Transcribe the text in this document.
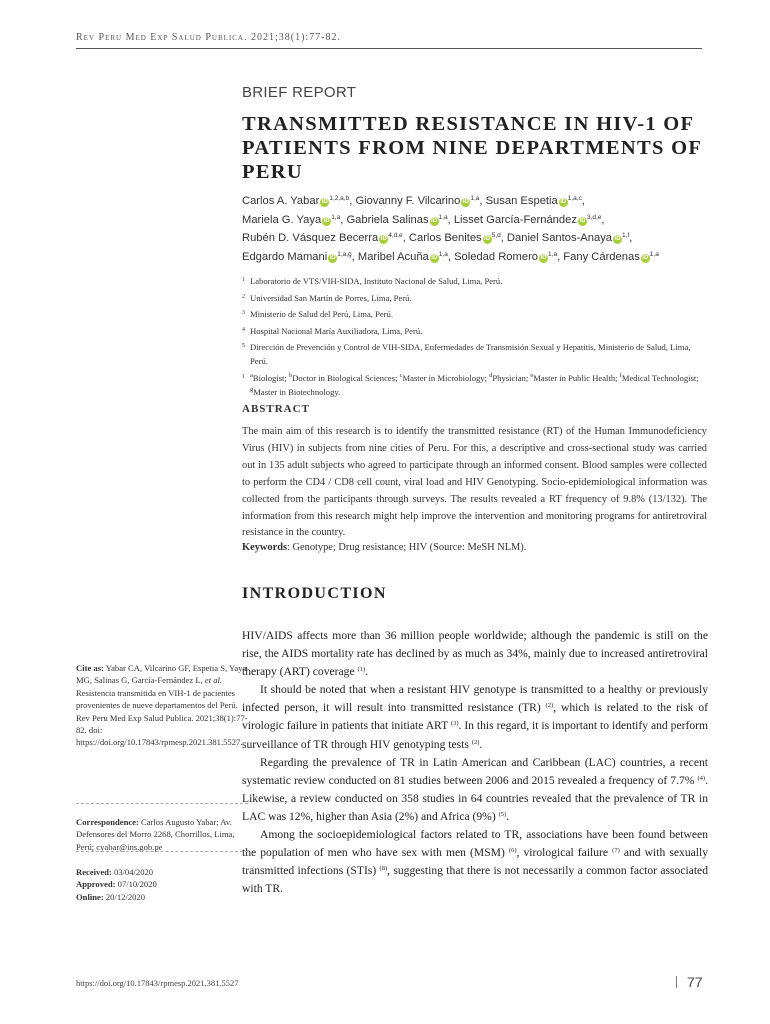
Rev Peru Med Exp Salud Publica. 2021;38(1):77-82.
BRIEF REPORT
TRANSMITTED RESISTANCE IN HIV-1 OF PATIENTS FROM NINE DEPARTMENTS OF PERU
Carlos A. Yabar iD $^{1,2,a,b}$, Giovanny F. Vilcarino iD $^{1,a}$, Susan Espetia iD $^{1,a,c}$,
Mariela G. Yaya iD $^{1,a}$, Gabriela Salinas iD $^{1,a}$, Lisset García-Fernández iD $^{3,d,e}$,
Rubén D. Vásquez Becerra iD $^{4,d,e}$, Carlos Benites iD $^{5,d}$, Daniel Santos-Anaya iD $^{1,f}$,
Edgardo Mamani iD $^{1,a,g}$, Maribel Acuña iD $^{1,a}$, Soledad Romero iD $^{1,a}$, Fany Cárdenas iD $^{1,a}$
1 Laboratorio de VTS/VIH-SIDA, Instituto Nacional de Salud, Lima, Perú.
2 Universidad San Martín de Porres, Lima, Perú.
3 Ministerio de Salud del Perú, Lima, Perú.
4 Hospital Nacional María Auxiliadora, Lima, Perú.
5 Dirección de Prevención y Control de VIH-SIDA, Enfermedades de Transmisión Sexual y Hepatitis, Ministerio de Salud, Lima, Perú.
1 $^a$Biologist; $^b$Doctor in Biological Sciences; $^c$Master in Microbiology; $^d$Physician; $^e$Master in Public Health; $^f$Medical Technologist; $^g$Master in Biotechnology.
ABSTRACT
The main aim of this research is to identify the transmitted resistance (RT) of the Human Immunodeficiency Virus (HIV) in subjects from nine cities of Peru. For this, a descriptive and cross-sectional study was carried out in 135 adult subjects who agreed to participate through an informed consent. Blood samples were collected to perform the CD4 / CD8 cell count, viral load and HIV Genotyping. Socio-epidemiological information was collected from the participants through surveys. The results revealed a RT frequency of 9.8% (13/132). The information from this research might help improve the intervention and monitoring programs for antiretroviral resistance in the country.
Keywords: Genotype; Drug resistance; HIV (Source: MeSH NLM).
INTRODUCTION

HIV/AIDS affects more than 36 million people worldwide; although the pandemic is still on the rise, the AIDS mortality rate has declined by as much as 34%, mainly due to increased antiretroviral therapy (ART) coverage $^{(1)}$.

It should be noted that when a resistant HIV genotype is transmitted to a healthy or previously infected person, it will result into transmitted resistance (TR) $^{(2)}$, which is related to the risk of virologic failure in patients that initiate ART $^{(3)}$. In this regard, it is important to identify and perform surveillance of TR through HIV genotyping tests $^{(2)}$.

Regarding the prevalence of TR in Latin American and Caribbean (LAC) countries, a recent systematic review conducted on 81 studies between 2006 and 2015 revealed a frequency of 7.7% $^{(4)}$. Likewise, a review conducted on 358 studies in 64 countries revealed that the prevalence of TR in LAC was 12%, higher than Asia (2%) and Africa (9%) $^{(5)}$.

Among the socioepidemiological factors related to TR, associations have been found between the population of men who have sex with men (MSM) $^{(6)}$, virological failure $^{(7)}$ and with sexually transmitted infections (STIs) $^{(8)}$, suggesting that there is not necessarily a common factor associated with TR.

Cite as: Yabar CA, Vilcarino GF, Espetia S, Yaya MG, Salinas G, García-Fernández L, et al. Resistencia transmitida en VIH-1 de pacientes provenientes de nueve departamentos del Perú. Rev Peru Med Exp Salud Publica. 2021;38(1):77-82. doi: https://doi.org/10.17843/rpmesp.2021.381.5527.
Correspondence: Carlos Augusto Yabar; Av. Defensores del Morro 2268, Chorrillos, Lima, Perú; cyabar@ins.gob.pe
Received: 03/04/2020
Approved: 07/10/2020
Online: 20/12/2020
https://doi.org/10.17843/rpmesp.2021.381.5527	77
